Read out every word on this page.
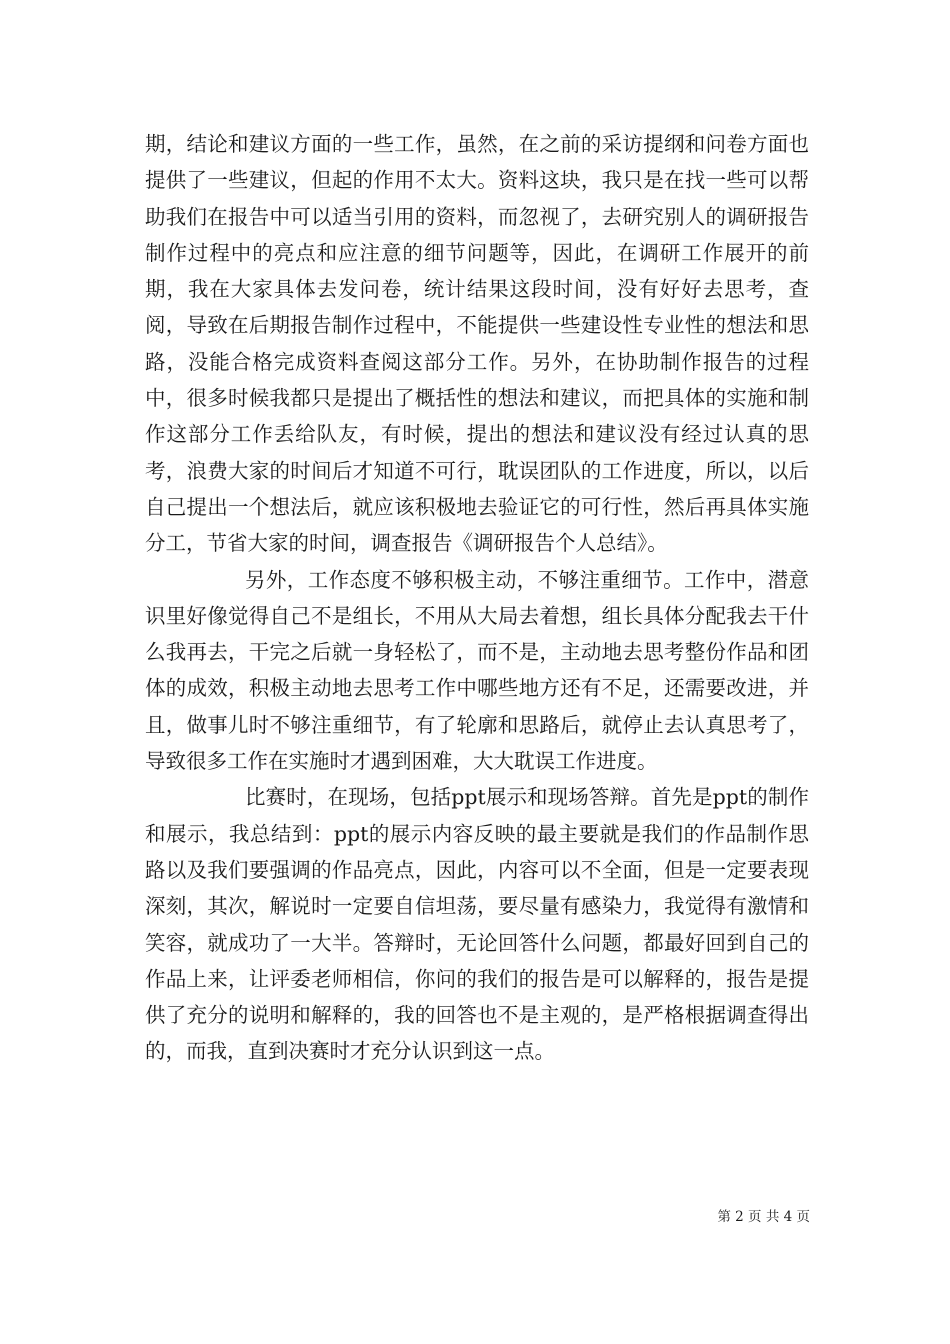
期，结论和建议方面的一些工作，虽然，在之前的采访提纲和问卷方面也提供了一些建议，但起的作用不太大。资料这块，我只是在找一些可以帮助我们在报告中可以适当引用的资料，而忽视了，去研究别人的调研报告制作过程中的亮点和应注意的细节问题等，因此，在调研工作展开的前期，我在大家具体去发问卷，统计结果这段时间，没有好好去思考，查阅，导致在后期报告制作过程中，不能提供一些建设性专业性的想法和思路，没能合格完成资料查阅这部分工作。另外，在协助制作报告的过程中，很多时候我都只是提出了概括性的想法和建议，而把具体的实施和制作这部分工作丢给队友，有时候，提出的想法和建议没有经过认真的思考，浪费大家的时间后才知道不可行，耽误团队的工作进度，所以，以后自己提出一个想法后，就应该积极地去验证它的可行性，然后再具体实施分工，节省大家的时间，调查报告《调研报告个人总结》。

另外，工作态度不够积极主动，不够注重细节。工作中，潜意识里好像觉得自己不是组长，不用从大局去着想，组长具体分配我去干什么我再去，干完之后就一身轻松了，而不是，主动地去思考整份作品和团体的成效，积极主动地去思考工作中哪些地方还有不足，还需要改进，并且，做事儿时不够注重细节，有了轮廓和思路后，就停止去认真思考了，导致很多工作在实施时才遇到困难，大大耽误工作进度。

比赛时，在现场，包括ppt展示和现场答辩。首先是ppt的制作和展示，我总结到：ppt的展示内容反映的最主要就是我们的作品制作思路以及我们要强调的作品亮点，因此，内容可以不全面，但是一定要表现深刻，其次，解说时一定要自信坦荡，要尽量有感染力，我觉得有激情和笑容，就成功了一大半。答辩时，无论回答什么问题，都最好回到自己的作品上来，让评委老师相信，你问的我们的报告是可以解释的，报告是提供了充分的说明和解释的，我的回答也不是主观的，是严格根据调查得出的，而我，直到决赛时才充分认识到这一点。

第 2 页 共 4 页
